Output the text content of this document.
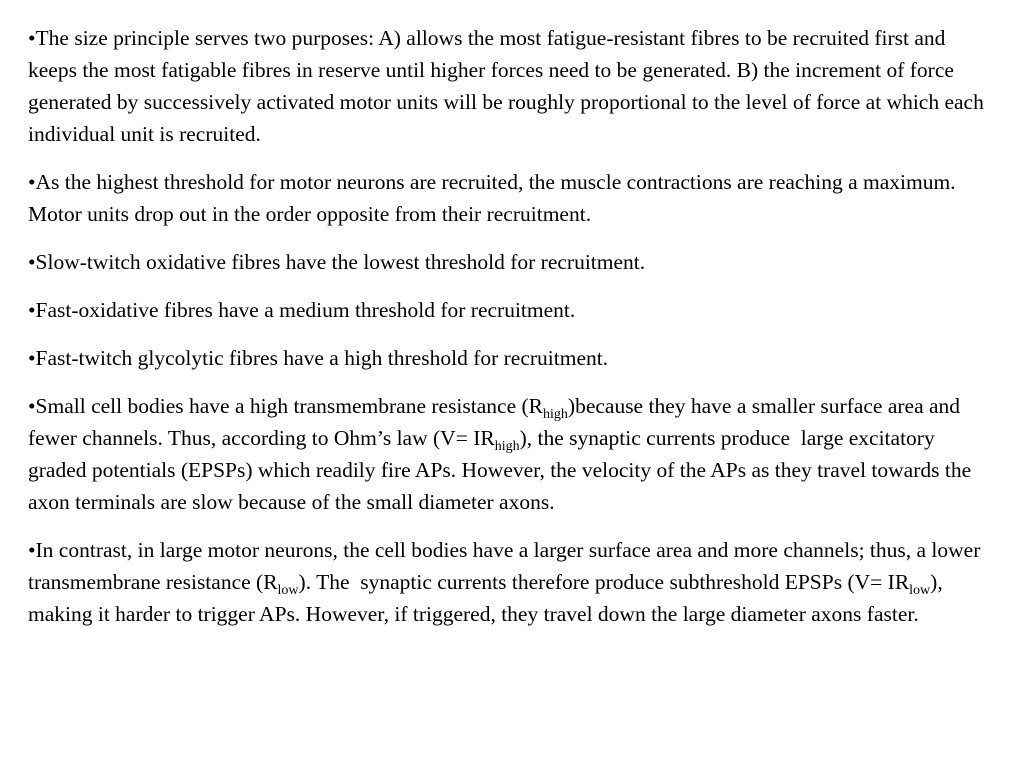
•The size principle serves two purposes: A) allows the most fatigue-resistant fibres to be recruited first and keeps the most fatigable fibres in reserve until higher forces need to be generated. B) the increment of force generated by successively activated motor units will be roughly proportional to the level of force at which each individual unit is recruited.

•As the highest threshold for motor neurons are recruited, the muscle contractions are reaching a maximum. Motor units drop out in the order opposite from their recruitment.

•Slow-twitch oxidative fibres have the lowest threshold for recruitment.

•Fast-oxidative fibres have a medium threshold for recruitment.

•Fast-twitch glycolytic fibres have a high threshold for recruitment.

•Small cell bodies have a high transmembrane resistance $(R_{high})because$ they have a smaller surface area and fewer channels. Thus, according to Ohm’s law $(V= IR_{high})$, the synaptic currents produce  large excitatory graded potentials (EPSPs) which readily fire APs. However, the velocity of the APs as they travel towards the axon terminals are slow because of the small diameter axons.

•In contrast, in large motor neurons, the cell bodies have a larger surface area and more channels; thus, a lower transmembrane resistance $(R_{low})$. The  synaptic currents therefore produce subthreshold EPSPs $(V= IR_{low})$, making it harder to trigger APs. However, if triggered, they travel down the large diameter axons faster.
